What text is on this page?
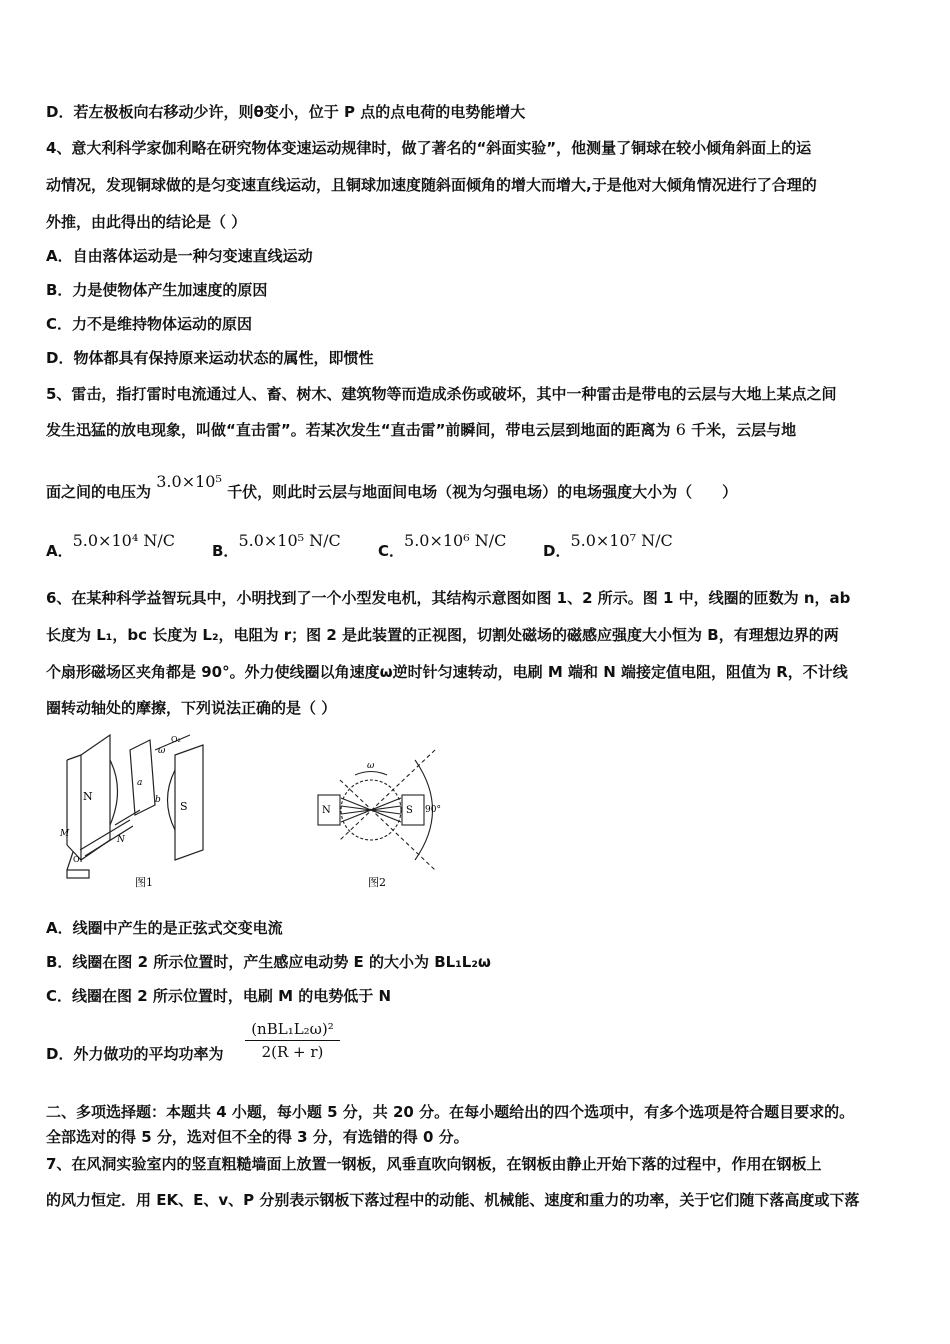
D．若左极板向右移动少许，则θ变小，位于 P 点的点电荷的电势能增大
4、意大利科学家伽利略在研究物体变速运动规律时，做了著名的“斜面实验”，他测量了铜球在较小倾角斜面上的运
动情况，发现铜球做的是匀变速直线运动，且铜球加速度随斜面倾角的增大而增大,于是他对大倾角情况进行了合理的
外推，由此得出的结论是（ ）
A．自由落体运动是一种匀变速直线运动
B．力是使物体产生加速度的原因
C．力不是维持物体运动的原因
D．物体都具有保持原来运动状态的属性，即惯性
5、雷击，指打雷时电流通过人、畜、树木、建筑物等而造成杀伤或破坏，其中一种雷击是带电的云层与大地上某点之间
发生迅猛的放电现象，叫做“直击雷”。若某次发生“直击雷”前瞬间，带电云层到地面的距离为 6 千米，云层与地
面之间的电压为 3.0×10⁵ 千伏，则此时云层与地面间电场（视为匀强电场）的电场强度大小为（　　）
A．5.0×10⁴ N/C
B．5.0×10⁵ N/C
C．5.0×10⁶ N/C
D．5.0×10⁷ N/C
6、在某种科学益智玩具中，小明找到了一个小型发电机，其结构示意图如图 1、2 所示。图 1 中，线圈的匝数为 n，ab
长度为 L₁，bc 长度为 L₂，电阻为 r；图 2 是此装置的正视图，切割处磁场的磁感应强度大小恒为 B，有理想边界的两
个扇形磁场区夹角都是 90°。外力使线圈以角速度ω逆时针匀速转动，电刷 M 端和 N 端接定值电阻，阻值为 R，不计线
圈转动轴处的摩擦，下列说法正确的是（ ）
N
S
a
b
M
N
O₁
O₂
ω
图1
N	S
ω
90°
图2
A．线圈中产生的是正弦式交变电流
B．线圈在图 2 所示位置时，产生感应电动势 E 的大小为 BL₁L₂ω
C．线圈在图 2 所示位置时，电刷 M 的电势低于 N
D．外力做功的平均功率为
(nBL₁L₂ω)²
2(R + r)
二、多项选择题：本题共 4 小题，每小题 5 分，共 20 分。在每小题给出的四个选项中，有多个选项是符合题目要求的。
全部选对的得 5 分，选对但不全的得 3 分，有选错的得 0 分。
7、在风洞实验室内的竖直粗糙墙面上放置一钢板，风垂直吹向钢板，在钢板由静止开始下落的过程中，作用在钢板上
的风力恒定．用 EK、E、v、P 分别表示钢板下落过程中的动能、机械能、速度和重力的功率，关于它们随下落高度或下落
